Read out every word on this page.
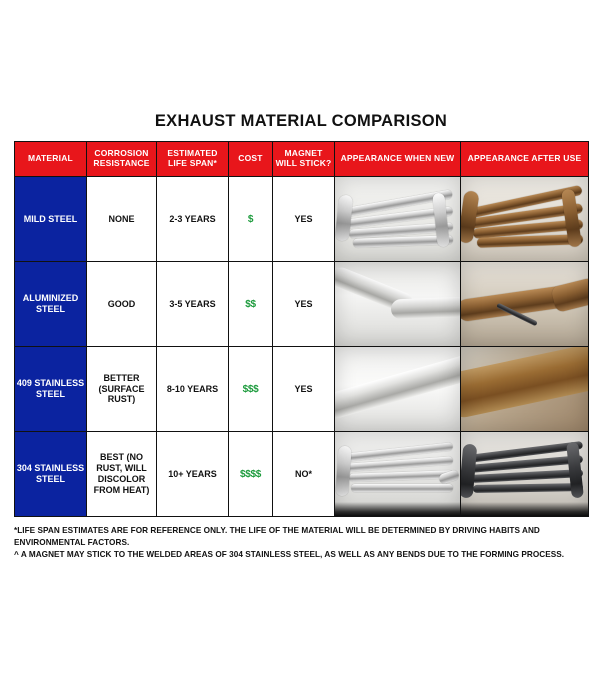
EXHAUST MATERIAL COMPARISON
MATERIAL	CORROSION RESISTANCE	ESTIMATED LIFE SPAN*	COST	MAGNET WILL STICK?	APPEARANCE WHEN NEW	APPEARANCE AFTER USE
MILD STEEL	NONE	2-3 YEARS	$	YES	

ALUMINIZED STEEL	GOOD	3-5 YEARS	$$	YES	

409 STAINLESS STEEL	BETTER (SURFACE RUST)	8-10 YEARS	$$$	YES	

304 STAINLESS STEEL	BEST (NO RUST, WILL DISCOLOR FROM HEAT)	10+ YEARS	$$$$	NO*	

*LIFE SPAN ESTIMATES ARE FOR REFERENCE ONLY. THE LIFE OF THE MATERIAL WILL BE DETERMINED BY DRIVING HABITS AND ENVIRONMENTAL FACTORS.
^ A MAGNET MAY STICK TO THE WELDED AREAS OF 304 STAINLESS STEEL, AS WELL AS ANY BENDS DUE TO THE FORMING PROCESS.
